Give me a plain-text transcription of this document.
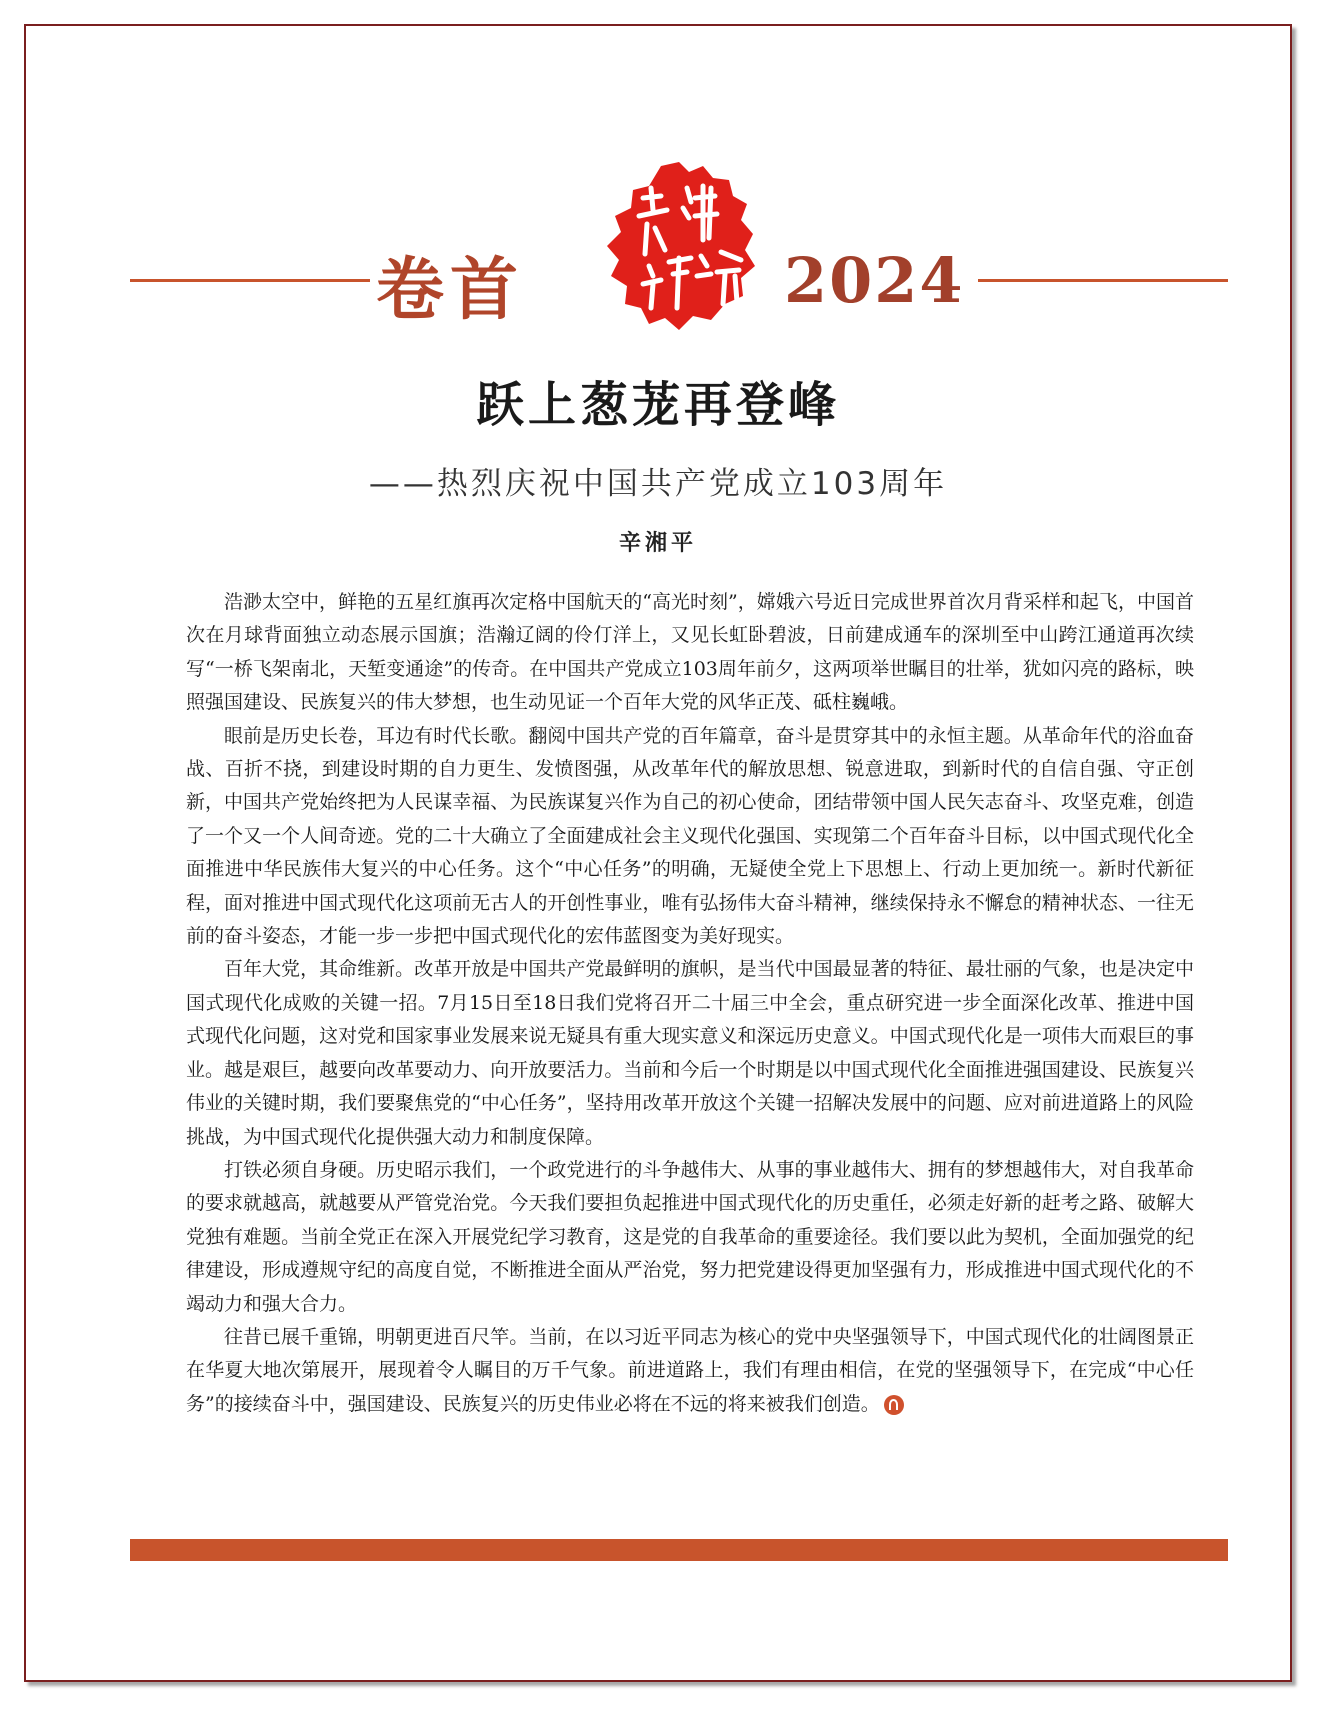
卷首	2024
跃上葱茏再登峰
——热烈庆祝中国共产党成立103周年
辛湘平

浩渺太空中，鲜艳的五星红旗再次定格中国航天的“高光时刻”，嫦娥六号近日完成世界首次月背采样和起飞，中国首次在月球背面独立动态展示国旗；浩瀚辽阔的伶仃洋上，又见长虹卧碧波，日前建成通车的深圳至中山跨江通道再次续写“一桥飞架南北，天堑变通途”的传奇。在中国共产党成立103周年前夕，这两项举世瞩目的壮举，犹如闪亮的路标，映照强国建设、民族复兴的伟大梦想，也生动见证一个百年大党的风华正茂、砥柱巍峨。

眼前是历史长卷，耳边有时代长歌。翻阅中国共产党的百年篇章，奋斗是贯穿其中的永恒主题。从革命年代的浴血奋战、百折不挠，到建设时期的自力更生、发愤图强，从改革年代的解放思想、锐意进取，到新时代的自信自强、守正创新，中国共产党始终把为人民谋幸福、为民族谋复兴作为自己的初心使命，团结带领中国人民矢志奋斗、攻坚克难，创造了一个又一个人间奇迹。党的二十大确立了全面建成社会主义现代化强国、实现第二个百年奋斗目标，以中国式现代化全面推进中华民族伟大复兴的中心任务。这个“中心任务”的明确，无疑使全党上下思想上、行动上更加统一。新时代新征程，面对推进中国式现代化这项前无古人的开创性事业，唯有弘扬伟大奋斗精神，继续保持永不懈怠的精神状态、一往无前的奋斗姿态，才能一步一步把中国式现代化的宏伟蓝图变为美好现实。

百年大党，其命维新。改革开放是中国共产党最鲜明的旗帜，是当代中国最显著的特征、最壮丽的气象，也是决定中国式现代化成败的关键一招。7月15日至18日我们党将召开二十届三中全会，重点研究进一步全面深化改革、推进中国式现代化问题，这对党和国家事业发展来说无疑具有重大现实意义和深远历史意义。中国式现代化是一项伟大而艰巨的事业。越是艰巨，越要向改革要动力、向开放要活力。当前和今后一个时期是以中国式现代化全面推进强国建设、民族复兴伟业的关键时期，我们要聚焦党的“中心任务”，坚持用改革开放这个关键一招解决发展中的问题、应对前进道路上的风险挑战，为中国式现代化提供强大动力和制度保障。

打铁必须自身硬。历史昭示我们，一个政党进行的斗争越伟大、从事的事业越伟大、拥有的梦想越伟大，对自我革命的要求就越高，就越要从严管党治党。今天我们要担负起推进中国式现代化的历史重任，必须走好新的赶考之路、破解大党独有难题。当前全党正在深入开展党纪学习教育，这是党的自我革命的重要途径。我们要以此为契机，全面加强党的纪律建设，形成遵规守纪的高度自觉，不断推进全面从严治党，努力把党建设得更加坚强有力，形成推进中国式现代化的不竭动力和强大合力。

往昔已展千重锦，明朝更进百尺竿。当前，在以习近平同志为核心的党中央坚强领导下，中国式现代化的壮阔图景正在华夏大地次第展开，展现着令人瞩目的万千气象。前进道路上，我们有理由相信，在党的坚强领导下，在完成“中心任务”的接续奋斗中，强国建设、民族复兴的历史伟业必将在不远的将来被我们创造。
